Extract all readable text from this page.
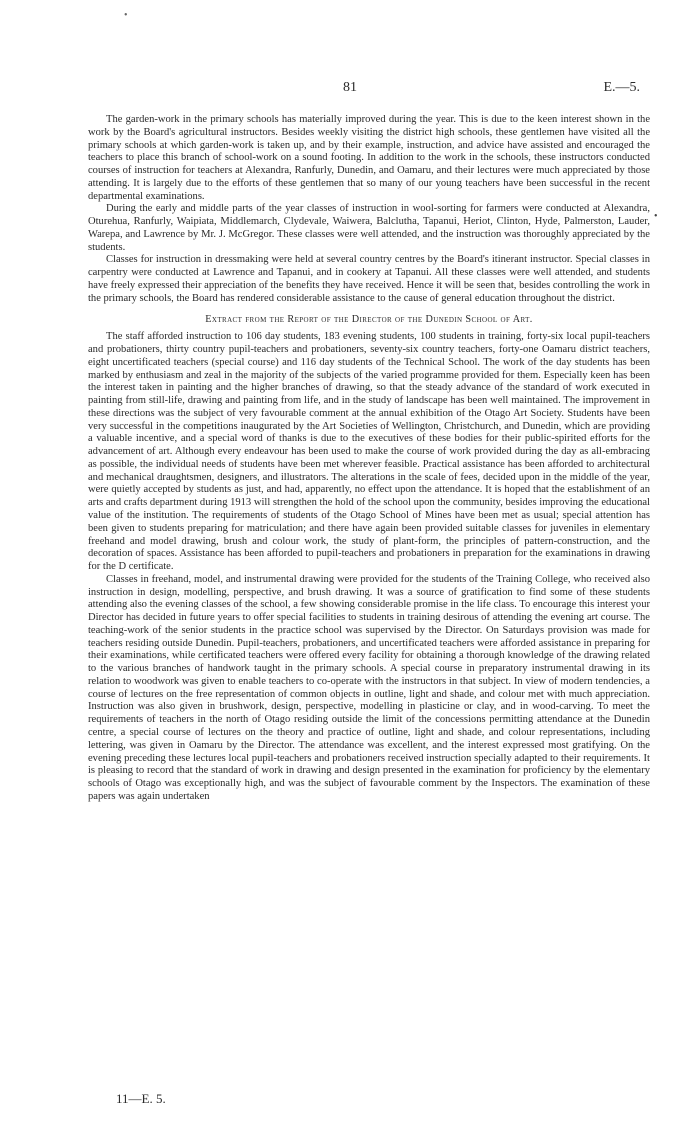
•
81	E.—5.
•

The garden-work in the primary schools has materially improved during the year. This is due to the keen interest shown in the work by the Board's agricultural instructors. Besides weekly visiting the district high schools, these gentlemen have visited all the primary schools at which garden-work is taken up, and by their example, instruction, and advice have assisted and encouraged the teachers to place this branch of school-work on a sound footing. In addition to the work in the schools, these instructors conducted courses of instruction for teachers at Alexandra, Ranfurly, Dunedin, and Oamaru, and their lectures were much appreciated by those attending. It is largely due to the efforts of these gentlemen that so many of our young teachers have been successful in the recent departmental examinations.

During the early and middle parts of the year classes of instruction in wool-sorting for farmers were conducted at Alexandra, Oturehua, Ranfurly, Waipiata, Middlemarch, Clydevale, Waiwera, Balclutha, Tapanui, Heriot, Clinton, Hyde, Palmerston, Lauder, Warepa, and Lawrence by Mr. J. McGregor. These classes were well attended, and the instruction was thoroughly appreciated by the students.

Classes for instruction in dressmaking were held at several country centres by the Board's itinerant instructor. Special classes in carpentry were conducted at Lawrence and Tapanui, and in cookery at Tapanui. All these classes were well attended, and students have freely expressed their appreciation of the benefits they have received. Hence it will be seen that, besides controlling the work in the primary schools, the Board has rendered considerable assistance to the cause of general education throughout the district.

Extract from the Report of the Director of the Dunedin School of Art.

The staff afforded instruction to 106 day students, 183 evening students, 100 students in training, forty-six local pupil-teachers and probationers, thirty country pupil-teachers and probationers, seventy-six country teachers, forty-one Oamaru district teachers, eight uncertificated teachers (special course) and 116 day students of the Technical School. The work of the day students has been marked by enthusiasm and zeal in the majority of the subjects of the varied programme provided for them. Especially keen has been the interest taken in painting and the higher branches of drawing, so that the steady advance of the standard of work executed in painting from still-life, drawing and painting from life, and in the study of landscape has been well maintained. The improvement in these directions was the subject of very favourable comment at the annual exhibition of the Otago Art Society. Students have been very successful in the competitions inaugurated by the Art Societies of Wellington, Christchurch, and Dunedin, which are providing a valuable incentive, and a special word of thanks is due to the executives of these bodies for their public-spirited efforts for the advancement of art. Although every endeavour has been used to make the course of work provided during the day as all-embracing as possible, the individual needs of students have been met wherever feasible. Practical assistance has been afforded to architectural and mechanical draughtsmen, designers, and illustrators. The alterations in the scale of fees, decided upon in the middle of the year, were quietly accepted by students as just, and had, apparently, no effect upon the attendance. It is hoped that the establishment of an arts and crafts department during 1913 will strengthen the hold of the school upon the community, besides improving the educational value of the institution. The requirements of students of the Otago School of Mines have been met as usual; special attention has been given to students preparing for matriculation; and there have again been provided suitable classes for juveniles in elementary freehand and model drawing, brush and colour work, the study of plant-form, the principles of pattern-construction, and the decoration of spaces. Assistance has been afforded to pupil-teachers and probationers in preparation for the examinations in drawing for the D certificate.

Classes in freehand, model, and instrumental drawing were provided for the students of the Training College, who received also instruction in design, modelling, perspective, and brush drawing. It was a source of gratification to find some of these students attending also the evening classes of the school, a few showing considerable promise in the life class. To encourage this interest your Director has decided in future years to offer special facilities to students in training desirous of attending the evening art course. The teaching-work of the senior students in the practice school was supervised by the Director. On Saturdays provision was made for teachers residing outside Dunedin. Pupil-teachers, probationers, and uncertificated teachers were afforded assistance in preparing for their examinations, while certificated teachers were offered every facility for obtaining a thorough knowledge of the drawing related to the various branches of handwork taught in the primary schools. A special course in preparatory instrumental drawing in its relation to woodwork was given to enable teachers to co-operate with the instructors in that subject. In view of modern tendencies, a course of lectures on the free representation of common objects in outline, light and shade, and colour met with much appreciation. Instruction was also given in brushwork, design, perspective, modelling in plasticine or clay, and in wood-carving. To meet the requirements of teachers in the north of Otago residing outside the limit of the concessions permitting attendance at the Dunedin centre, a special course of lectures on the theory and practice of outline, light and shade, and colour representations, including lettering, was given in Oamaru by the Director. The attendance was excellent, and the interest expressed most gratifying. On the evening preceding these lectures local pupil-teachers and probationers received instruction specially adapted to their requirements. It is pleasing to record that the standard of work in drawing and design presented in the examination for proficiency by the elementary schools of Otago was exceptionally high, and was the subject of favourable comment by the Inspectors. The examination of these papers was again undertaken

11—E. 5.
